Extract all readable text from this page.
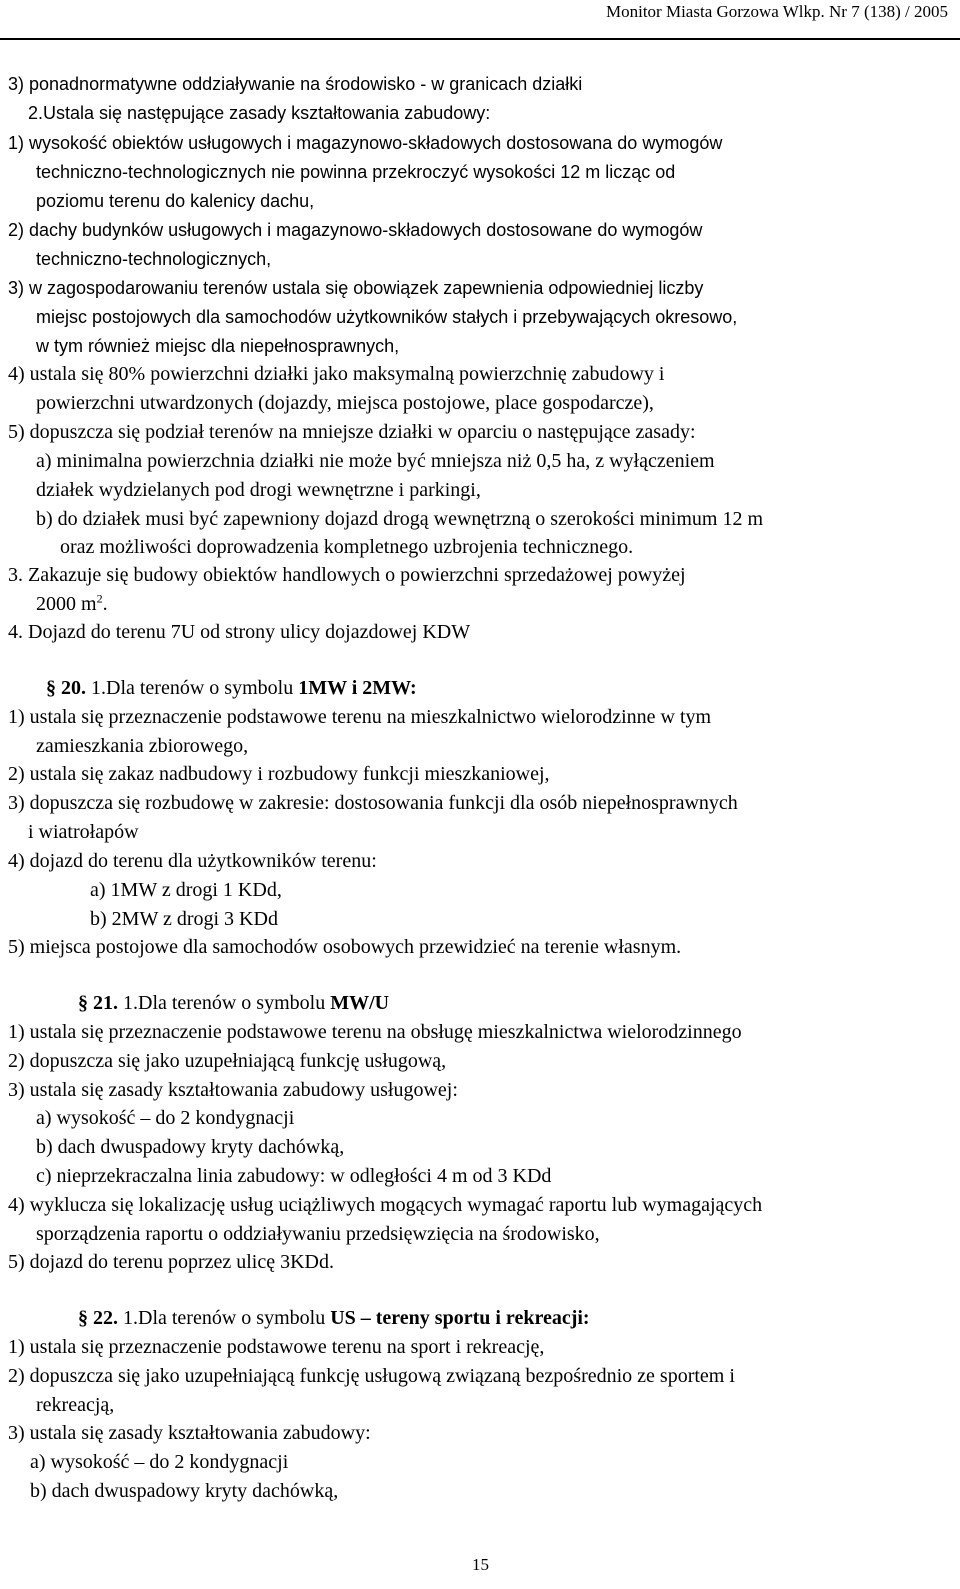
Monitor Miasta Gorzowa Wlkp. Nr 7 (138) / 2005
3) ponadnormatywne oddziaływanie na środowisko - w granicach działki
2.Ustala się następujące zasady kształtowania zabudowy:
1) wysokość obiektów usługowych i magazynowo-składowych dostosowana do wymogów
techniczno-technologicznych nie powinna przekroczyć wysokości 12 m licząc od
poziomu terenu do kalenicy dachu,
2) dachy budynków usługowych i magazynowo-składowych dostosowane do wymogów
techniczno-technologicznych,
3) w zagospodarowaniu terenów ustala się obowiązek zapewnienia odpowiedniej liczby
miejsc postojowych dla samochodów użytkowników stałych i przebywających okresowo,
w tym również miejsc dla niepełnosprawnych,
4) ustala się 80% powierzchni działki jako maksymalną powierzchnię zabudowy i
powierzchni utwardzonych (dojazdy, miejsca postojowe, place gospodarcze),
5) dopuszcza się podział terenów na mniejsze działki w oparciu o następujące zasady:
a) minimalna powierzchnia działki nie może być mniejsza niż 0,5 ha, z wyłączeniem
działek wydzielanych pod drogi wewnętrzne i parkingi,
b) do działek musi być zapewniony dojazd drogą wewnętrzną o szerokości minimum 12 m
oraz możliwości doprowadzenia kompletnego uzbrojenia technicznego.
3. Zakazuje się budowy obiektów handlowych o powierzchni sprzedażowej powyżej
2000 $m^2$.
4. Dojazd do terenu 7U od strony ulicy dojazdowej KDW
§ 20. 1.Dla terenów o symbolu 1MW i 2MW:
1) ustala się przeznaczenie podstawowe terenu na mieszkalnictwo wielorodzinne w tym
zamieszkania zbiorowego,
2) ustala się zakaz nadbudowy i rozbudowy funkcji mieszkaniowej,
3) dopuszcza się rozbudowę w zakresie: dostosowania funkcji dla osób niepełnosprawnych
i wiatrołapów
4) dojazd do terenu dla użytkowników terenu:
a) 1MW z drogi 1 KDd,
b) 2MW z drogi 3 KDd
5) miejsca postojowe dla samochodów osobowych przewidzieć na terenie własnym.
§ 21. 1.Dla terenów o symbolu MW/U
1) ustala się przeznaczenie podstawowe terenu na obsługę mieszkalnictwa wielorodzinnego
2) dopuszcza się jako uzupełniającą funkcję usługową,
3) ustala się zasady kształtowania zabudowy usługowej:
a) wysokość – do 2 kondygnacji
b) dach dwuspadowy kryty dachówką,
c) nieprzekraczalna linia zabudowy: w odległości 4 m od 3 KDd
4) wyklucza się lokalizację usług uciążliwych mogących wymagać raportu lub wymagających
sporządzenia raportu o oddziaływaniu przedsięwzięcia na środowisko,
5) dojazd do terenu poprzez ulicę 3KDd.
§ 22. 1.Dla terenów o symbolu US – tereny sportu i rekreacji:
1) ustala się przeznaczenie podstawowe terenu na sport i rekreację,
2) dopuszcza się jako uzupełniającą funkcję usługową związaną bezpośrednio ze sportem i
rekreacją,
3) ustala się zasady kształtowania zabudowy:
a) wysokość – do 2 kondygnacji
b) dach dwuspadowy kryty dachówką,
15
